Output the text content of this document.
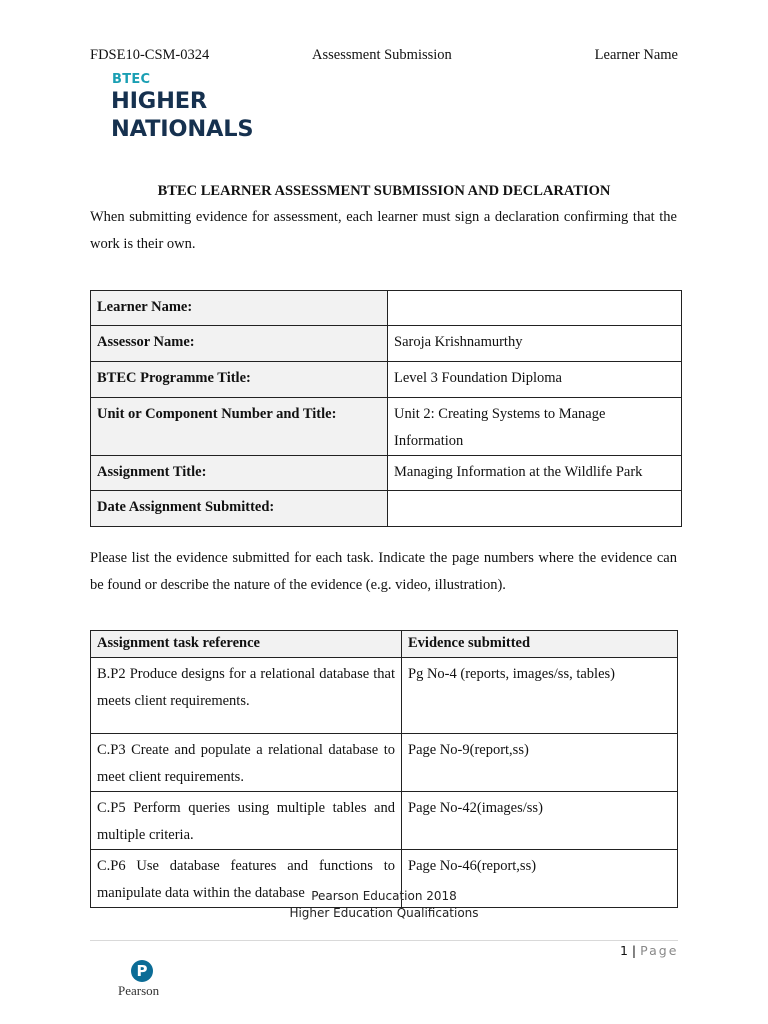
FDSE10-CSM-0324	Assessment Submission	Learner Name
BTEC
HIGHER
NATIONALS
BTEC LEARNER ASSESSMENT SUBMISSION AND DECLARATION
When submitting evidence for assessment, each learner must sign a declaration confirming that the work is their own.
Learner Name:	
Assessor Name:	Saroja Krishnamurthy
BTEC Programme Title:	Level 3 Foundation Diploma
Unit or Component Number and Title:	Unit 2: Creating Systems to Manage Information
Assignment Title:	Managing Information at the Wildlife Park
Date Assignment Submitted:	
Please list the evidence submitted for each task. Indicate the page numbers where the evidence can be found or describe the nature of the evidence (e.g. video, illustration).
Assignment task reference	Evidence submitted
B.P2 Produce designs for a relational database that meets client requirements.	Pg No-4 (reports, images/ss, tables)
C.P3 Create and populate a relational database to meet client requirements.	Page No-9(report,ss)
C.P5 Perform queries using multiple tables and multiple criteria.	Page No-42(images/ss)
C.P6 Use database features and functions to manipulate data within the database	Page No-46(report,ss)
Pearson Education 2018
Higher Education Qualifications
1 | Page
P
Pearson
